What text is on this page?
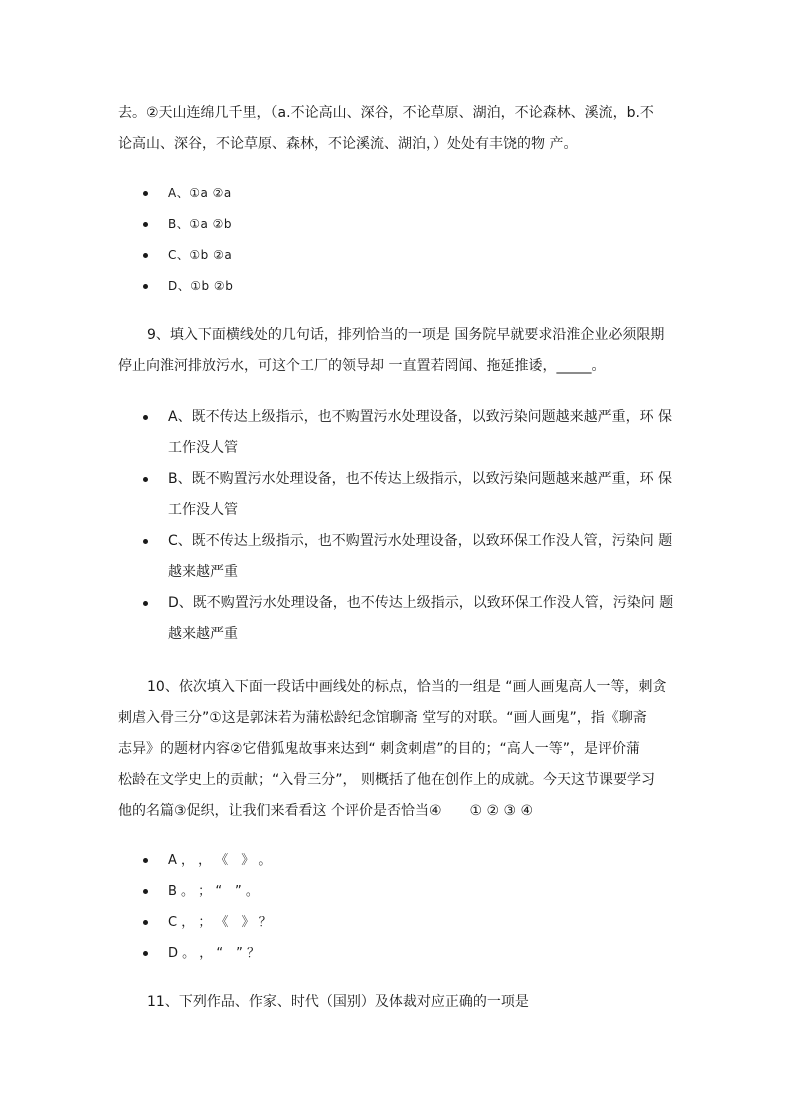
去。②天山连绵几千里，（a.不论高山、深谷，不论草原、湖泊，不论森林、溪流，b.不
论高山、深谷，不论草原、森林，不论溪流、湖泊，）处处有丰饶的物 产。

A、①a ②a
B、①a ②b
C、①b ②a
D、①b ②b

9、填入下面横线处的几句话，排列恰当的一项是 国务院早就要求沿淮企业必须限期
停止向淮河排放污水，可这个工厂的领导却 一直置若罔闻、拖延推诿，_____。

A、既不传达上级指示，也不购置污水处理设备，以致污染问题越来越严重，环 保
工作没人管
B、既不购置污水处理设备，也不传达上级指示，以致污染问题越来越严重，环 保
工作没人管
C、既不传达上级指示，也不购置污水处理设备，以致环保工作没人管，污染问 题
越来越严重
D、既不购置污水处理设备，也不传达上级指示，以致环保工作没人管，污染问 题
越来越严重

10、依次填入下面一段话中画线处的标点，恰当的一组是 “画人画鬼高人一等，刺贪
刺虐入骨三分”①这是郭沫若为蒲松龄纪念馆聊斋 堂写的对联。“画人画鬼”，指《聊斋
志异》的题材内容②它借狐鬼故事来达到“ 刺贪刺虐”的目的；“高人一等”，是评价蒲
松龄在文学史上的贡献；“入骨三分”， 则概括了他在创作上的成就。今天这节课要学习
他的名篇③促织，让我们来看看这 个评价是否恰当④　　① ② ③ ④

A ， ， 《　》 。
B 。 ； “　” 。
C ， ； 《　》 ？
D 。 ， “　” ？

11、下列作品、作家、时代（国别）及体裁对应正确的一项是
